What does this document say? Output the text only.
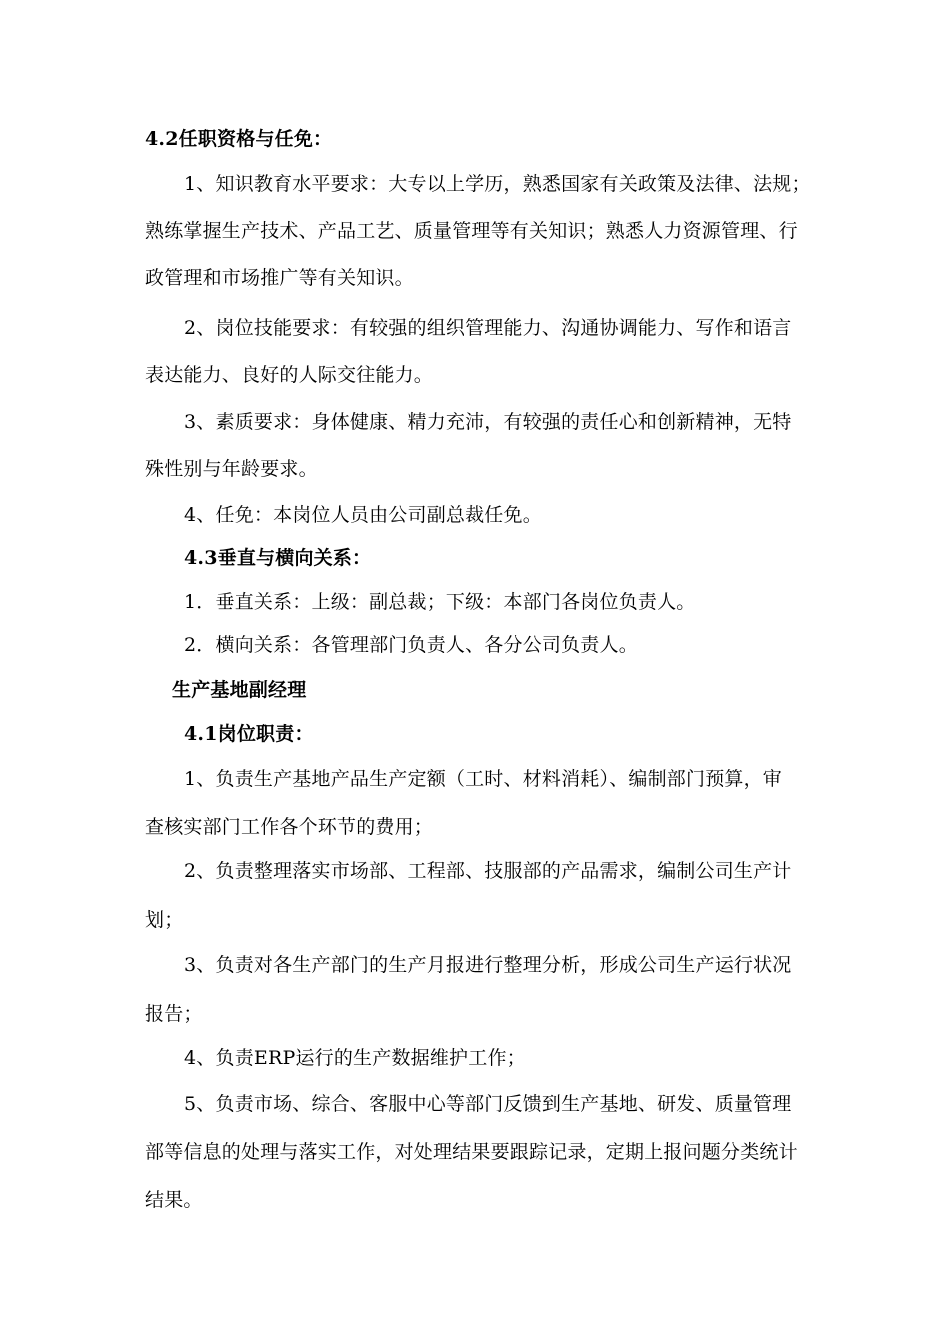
4.2任职资格与任免：
1、知识教育水平要求：大专以上学历，熟悉国家有关政策及法律、法规；
熟练掌握生产技术、产品工艺、质量管理等有关知识；熟悉人力资源管理、行
政管理和市场推广等有关知识。
2、岗位技能要求：有较强的组织管理能力、沟通协调能力、写作和语言
表达能力、良好的人际交往能力。
3、素质要求：身体健康、精力充沛，有较强的责任心和创新精神，无特
殊性别与年龄要求。
4、任免：本岗位人员由公司副总裁任免。
4.3垂直与横向关系：
1．垂直关系：上级：副总裁；下级：本部门各岗位负责人。
2．横向关系：各管理部门负责人、各分公司负责人。
生产基地副经理
4.1岗位职责：
1、负责生产基地产品生产定额（工时、材料消耗）、编制部门预算，审
查核实部门工作各个环节的费用；
2、负责整理落实市场部、工程部、技服部的产品需求，编制公司生产计
划；
3、负责对各生产部门的生产月报进行整理分析，形成公司生产运行状况
报告；
4、负责ERP运行的生产数据维护工作；
5、负责市场、综合、客服中心等部门反馈到生产基地、研发、质量管理
部等信息的处理与落实工作，对处理结果要跟踪记录，定期上报问题分类统计
结果。
